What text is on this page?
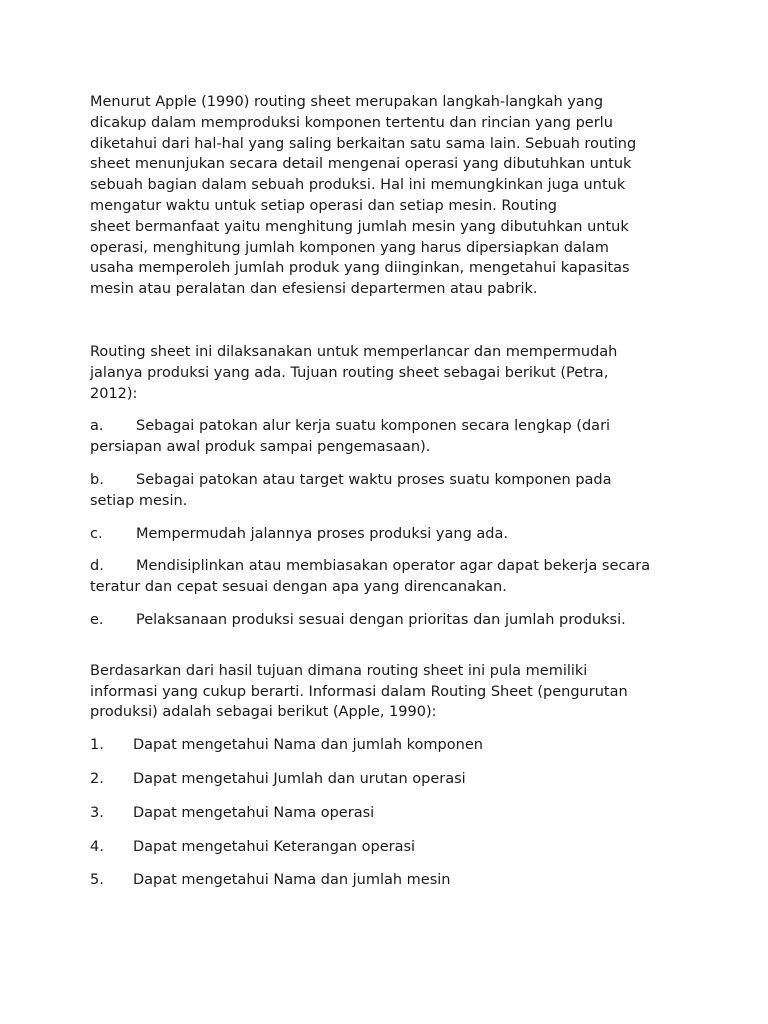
Menurut Apple (1990) routing sheet merupakan langkah-langkah yang
dicakup dalam memproduksi komponen tertentu dan rincian yang perlu
diketahui dari hal-hal yang saling berkaitan satu sama lain. Sebuah routing
sheet menunjukan secara detail mengenai operasi yang dibutuhkan untuk
sebuah bagian dalam sebuah produksi. Hal ini memungkinkan juga untuk
mengatur waktu untuk setiap operasi dan setiap mesin. Routing
sheet bermanfaat yaitu menghitung jumlah mesin yang dibutuhkan untuk
operasi, menghitung jumlah komponen yang harus dipersiapkan dalam
usaha memperoleh jumlah produk yang diinginkan, mengetahui kapasitas
mesin atau peralatan dan efesiensi departermen atau pabrik.

Routing sheet ini dilaksanakan untuk memperlancar dan mempermudah
jalanya produksi yang ada. Tujuan routing sheet sebagai berikut (Petra,
2012):

a. Sebagai patokan alur kerja suatu komponen secara lengkap (dari
persiapan awal produk sampai pengemasaan).

b. Sebagai patokan atau target waktu proses suatu komponen pada
setiap mesin.

c. Mempermudah jalannya proses produksi yang ada.

d. Mendisiplinkan atau membiasakan operator agar dapat bekerja secara
teratur dan cepat sesuai dengan apa yang direncanakan.

e. Pelaksanaan produksi sesuai dengan prioritas dan jumlah produksi.

Berdasarkan dari hasil tujuan dimana routing sheet ini pula memiliki
informasi yang cukup berarti. Informasi dalam Routing Sheet (pengurutan
produksi) adalah sebagai berikut (Apple, 1990):

1. Dapat mengetahui Nama dan jumlah komponen

2. Dapat mengetahui Jumlah dan urutan operasi

3. Dapat mengetahui Nama operasi

4. Dapat mengetahui Keterangan operasi

5. Dapat mengetahui Nama dan jumlah mesin
